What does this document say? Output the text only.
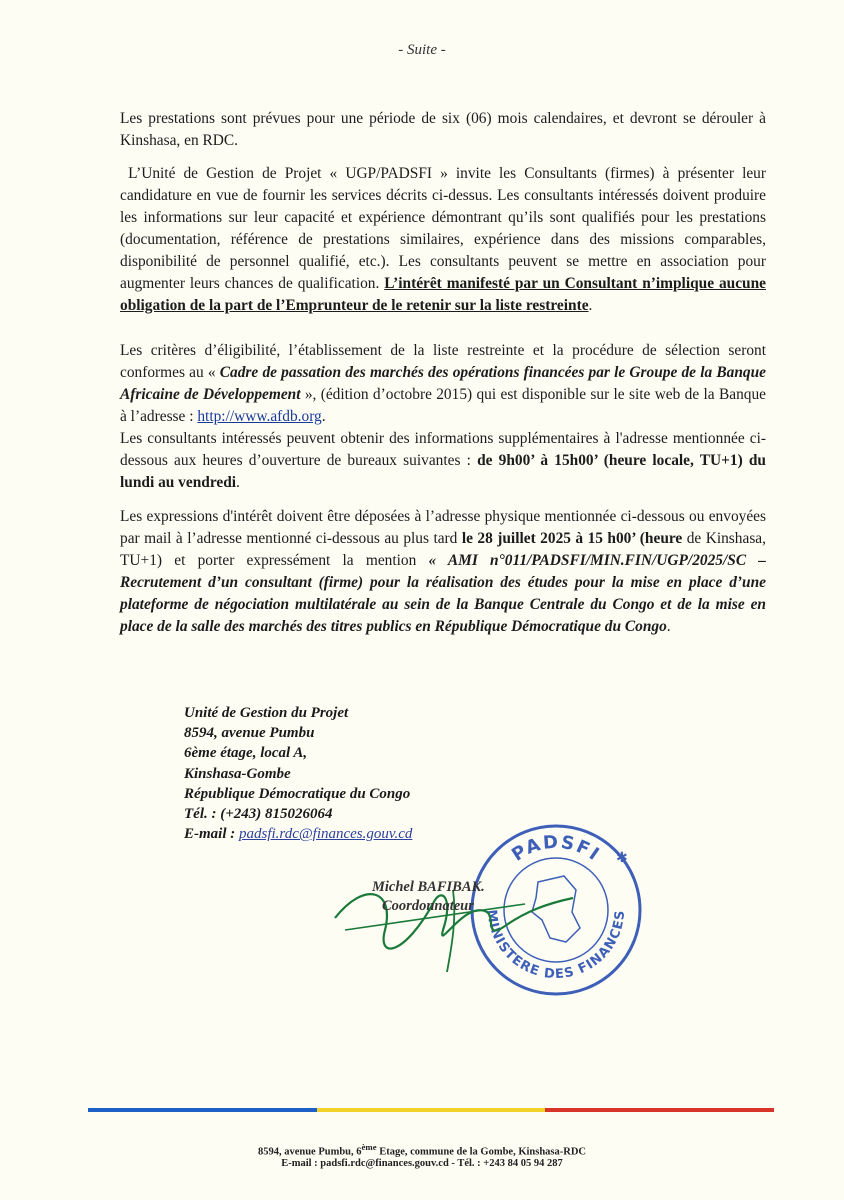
- Suite -
Les prestations sont prévues pour une période de six (06) mois calendaires, et devront se dérouler à Kinshasa, en RDC.
L’Unité de Gestion de Projet « UGP/PADSFI » invite les Consultants (firmes) à présenter leur candidature en vue de fournir les services décrits ci-dessus. Les consultants intéressés doivent produire les informations sur leur capacité et expérience démontrant qu’ils sont qualifiés pour les prestations (documentation, référence de prestations similaires, expérience dans des missions comparables, disponibilité de personnel qualifié, etc.). Les consultants peuvent se mettre en association pour augmenter leurs chances de qualification. L’intérêt manifesté par un Consultant n’implique aucune obligation de la part de l’Emprunteur de le retenir sur la liste restreinte.
Les critères d’éligibilité, l’établissement de la liste restreinte et la procédure de sélection seront conformes au « Cadre de passation des marchés des opérations financées par le Groupe de la Banque Africaine de Développement », (édition d’octobre 2015) qui est disponible sur le site web de la Banque à l’adresse : http://www.afdb.org.
Les consultants intéressés peuvent obtenir des informations supplémentaires à l'adresse mentionnée ci-dessous aux heures d’ouverture de bureaux suivantes : de 9h00’ à 15h00’ (heure locale, TU+1) du lundi au vendredi.
Les expressions d'intérêt doivent être déposées à l’adresse physique mentionnée ci-dessous ou envoyées par mail à l’adresse mentionné ci-dessous au plus tard le 28 juillet 2025 à 15 h00’ (heure de Kinshasa, TU+1) et porter expressément la mention « AMI n°011/PADSFI/MIN.FIN/UGP/2025/SC – Recrutement d’un consultant (firme) pour la réalisation des études pour la mise en place d’une plateforme de négociation multilatérale au sein de la Banque Centrale du Congo et de la mise en place de la salle des marchés des titres publics en République Démocratique du Congo.
Unité de Gestion du Projet
8594, avenue Pumbu
6ème étage, local A,
Kinshasa-Gombe
République Démocratique du Congo
Tél. : (+243) 815026064
E-mail : padsfi.rdc@finances.gouv.cd
PADSFI
MINISTERE DES FINANCES
✱
Michel BAFIBAK.
Coordonnateur
8594, avenue Pumbu, 6ème Etage, commune de la Gombe, Kinshasa-RDC
E-mail : padsfi.rdc@finances.gouv.cd - Tél. : +243 84 05 94 287
